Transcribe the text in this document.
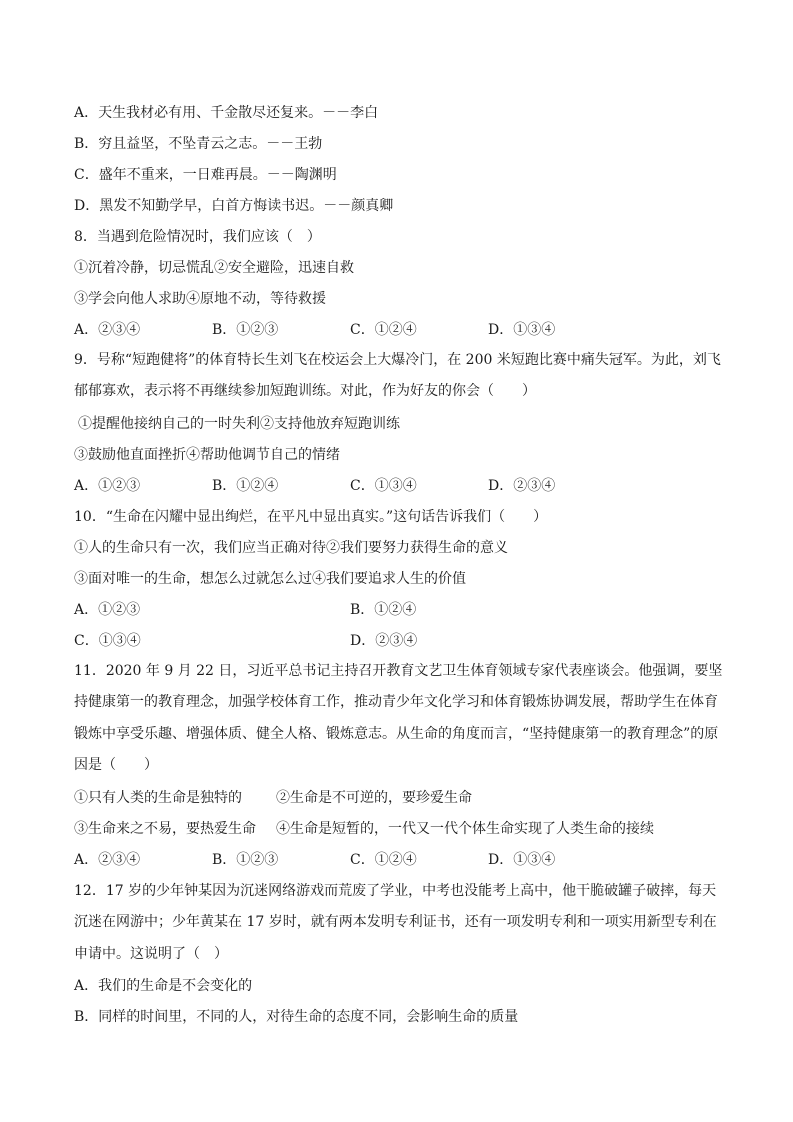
A．天生我材必有用、千金散尽还复来。－－李白
B．穷且益坚，不坠青云之志。－－王勃
C．盛年不重来，一日难再晨。－－陶渊明
D．黑发不知勤学早，白首方悔读书迟。－－颜真卿
8．当遇到危险情况时，我们应该（　）
①沉着冷静，切忌慌乱②安全避险，迅速自救
③学会向他人求助④原地不动，等待救援
A．②③④	B．①②③	C．①②④	D．①③④
9．号称“短跑健将”的体育特长生刘飞在校运会上大爆冷门，在 200 米短跑比赛中痛失冠军。为此，刘飞郁郁寡欢，表示将不再继续参加短跑训练。对此，作为好友的你会（　　）
①提醒他接纳自己的一时失利②支持他放弃短跑训练
③鼓励他直面挫折④帮助他调节自己的情绪
A．①②③	B．①②④	C．①③④	D．②③④
10．“生命在闪耀中显出绚烂，在平凡中显出真实。”这句话告诉我们（　　）
①人的生命只有一次，我们应当正确对待②我们要努力获得生命的意义
③面对唯一的生命，想怎么过就怎么过④我们要追求人生的价值
A．①②③	B．①②④
C．①③④	D．②③④
11．2020 年 9 月 22 日，习近平总书记主持召开教育文艺卫生体育领域专家代表座谈会。他强调，要坚持健康第一的教育理念，加强学校体育工作，推动青少年文化学习和体育锻炼协调发展，帮助学生在体育锻炼中享受乐趣、增强体质、健全人格、锻炼意志。从生命的角度而言，“坚持健康第一的教育理念”的原因是（　　）
①只有人类的生命是独特的 ②生命是不可逆的，要珍爱生命
③生命来之不易，要热爱生命 ④生命是短暂的，一代又一代个体生命实现了人类生命的接续
A．②③④	B．①②③	C．①②④	D．①③④
12．17 岁的少年钟某因为沉迷网络游戏而荒废了学业，中考也没能考上高中，他干脆破罐子破摔，每天沉迷在网游中；少年黄某在 17 岁时，就有两本发明专利证书，还有一项发明专利和一项实用新型专利在申请中。这说明了（　）
A．我们的生命是不会变化的
B．同样的时间里，不同的人，对待生命的态度不同，会影响生命的质量
